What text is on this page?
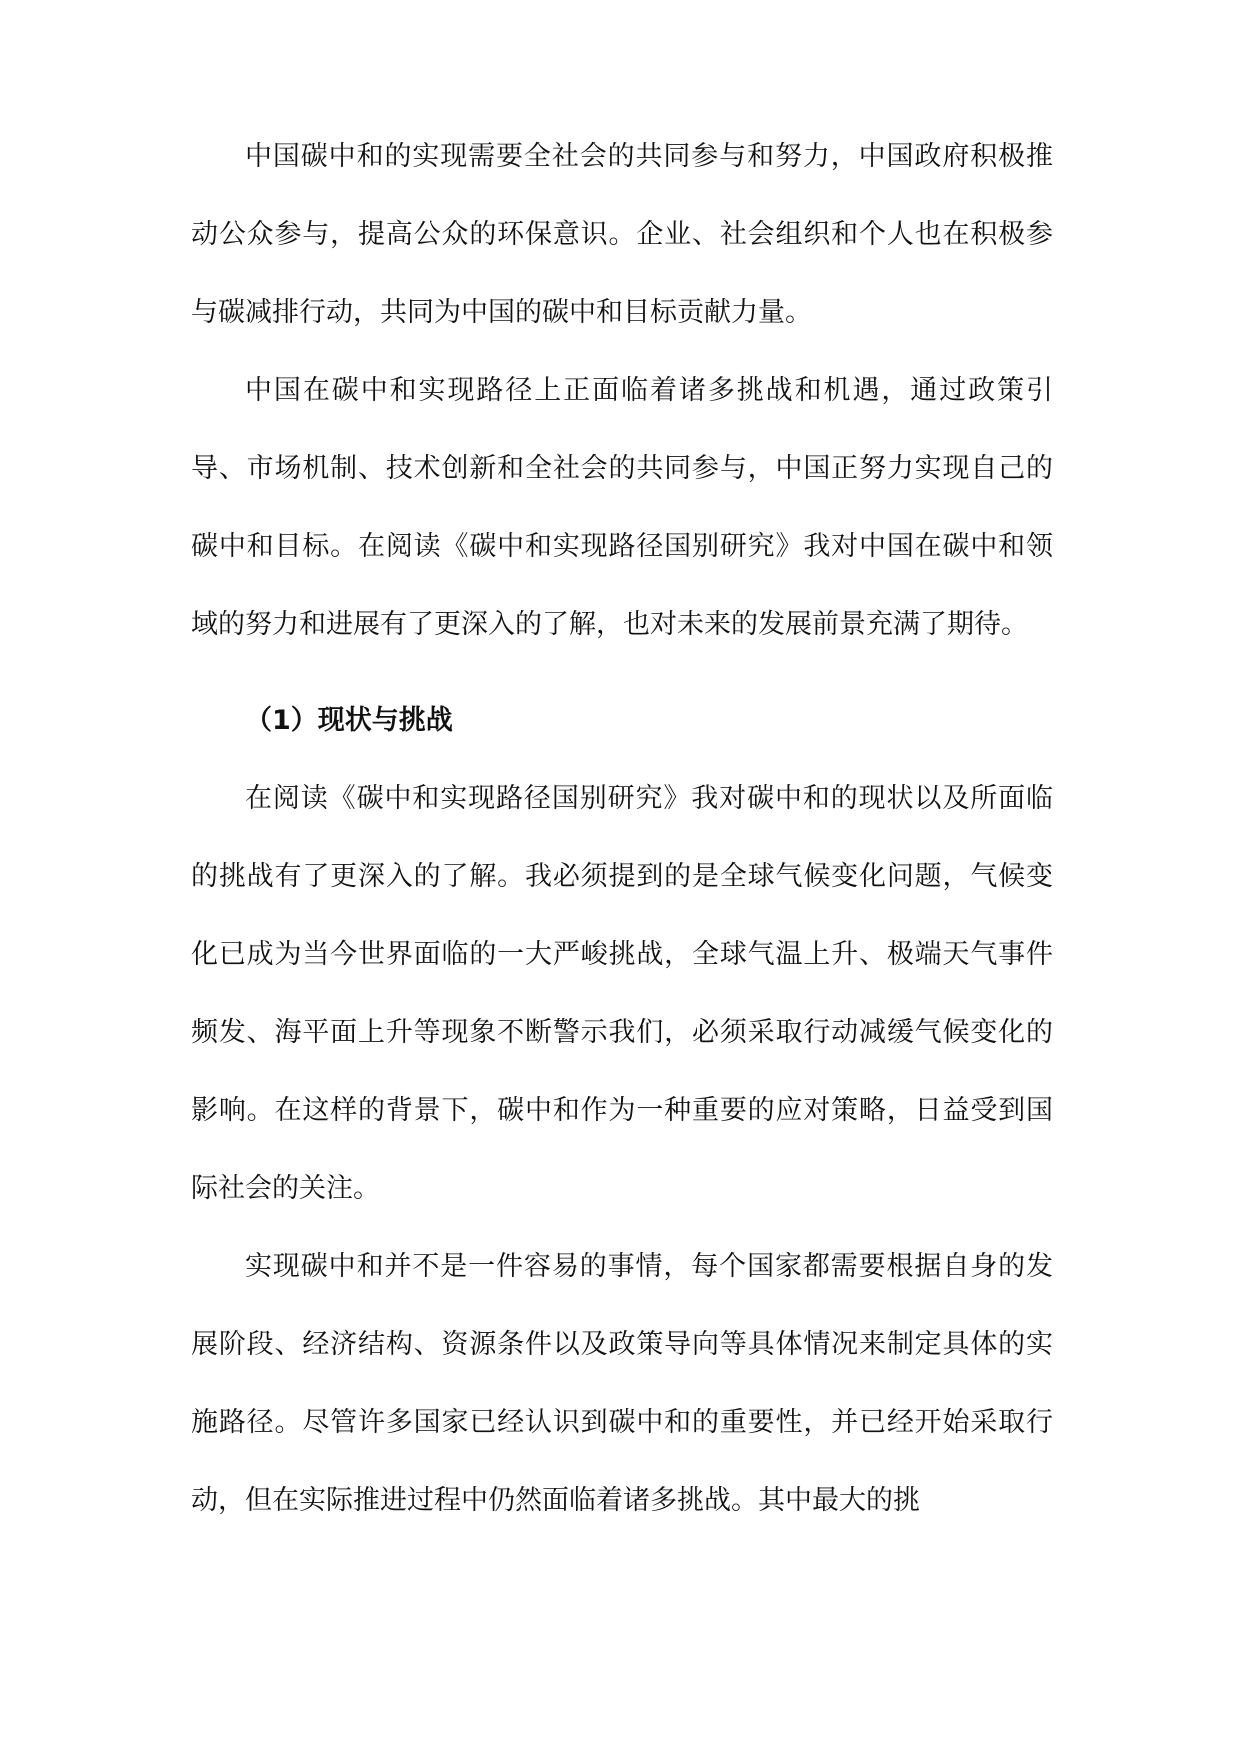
中国碳中和的实现需要全社会的共同参与和努力，中国政府积极推动公众参与，提高公众的环保意识。企业、社会组织和个人也在积极参与碳减排行动，共同为中国的碳中和目标贡献力量。

中国在碳中和实现路径上正面临着诸多挑战和机遇，通过政策引导、市场机制、技术创新和全社会的共同参与，中国正努力实现自己的碳中和目标。在阅读《碳中和实现路径国别研究》我对中国在碳中和领域的努力和进展有了更深入的了解，也对未来的发展前景充满了期待。

（1）现状与挑战

在阅读《碳中和实现路径国别研究》我对碳中和的现状以及所面临的挑战有了更深入的了解。我必须提到的是全球气候变化问题，气候变化已成为当今世界面临的一大严峻挑战，全球气温上升、极端天气事件频发、海平面上升等现象不断警示我们，必须采取行动减缓气候变化的影响。在这样的背景下，碳中和作为一种重要的应对策略，日益受到国际社会的关注。

实现碳中和并不是一件容易的事情，每个国家都需要根据自身的发展阶段、经济结构、资源条件以及政策导向等具体情况来制定具体的实施路径。尽管许多国家已经认识到碳中和的重要性，并已经开始采取行动，但在实际推进过程中仍然面临着诸多挑战。其中最大的挑
